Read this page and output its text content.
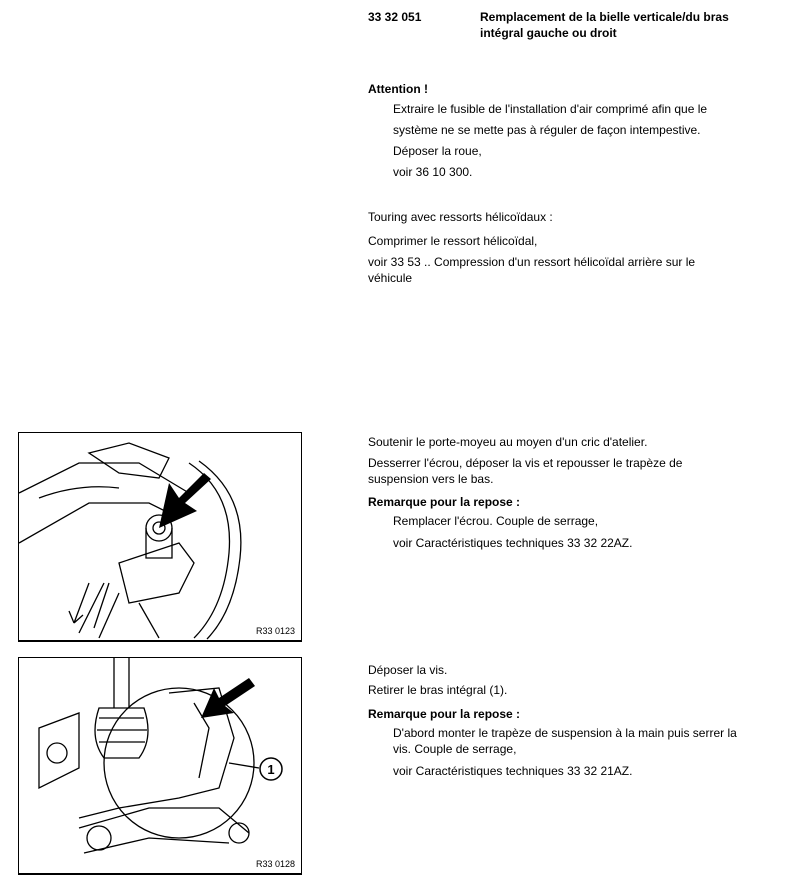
33 32 051	Remplacement de la bielle verticale/du bras
intégral gauche ou droit
Attention !
Extraire le fusible de l'installation d'air comprimé afin que le
système ne se mette pas à réguler de façon intempestive.
Déposer la roue,
voir 36 10 300.
Touring avec ressorts hélicoïdaux :
Comprimer le ressort hélicoïdal,
voir 33 53 .. Compression d'un ressort hélicoïdal arrière sur le
véhicule
R33 0123
1
R33 0128
Soutenir le porte-moyeu au moyen d'un cric d'atelier.
Desserrer l'écrou, déposer la vis et repousser le trapèze de
suspension vers le bas.
Remarque pour la repose :
Remplacer l'écrou. Couple de serrage,
voir Caractéristiques techniques 33 32 22AZ.
Déposer la vis.
Retirer le bras intégral (1).
Remarque pour la repose :
D'abord monter le trapèze de suspension à la main puis serrer la
vis. Couple de serrage,
voir Caractéristiques techniques 33 32 21AZ.
